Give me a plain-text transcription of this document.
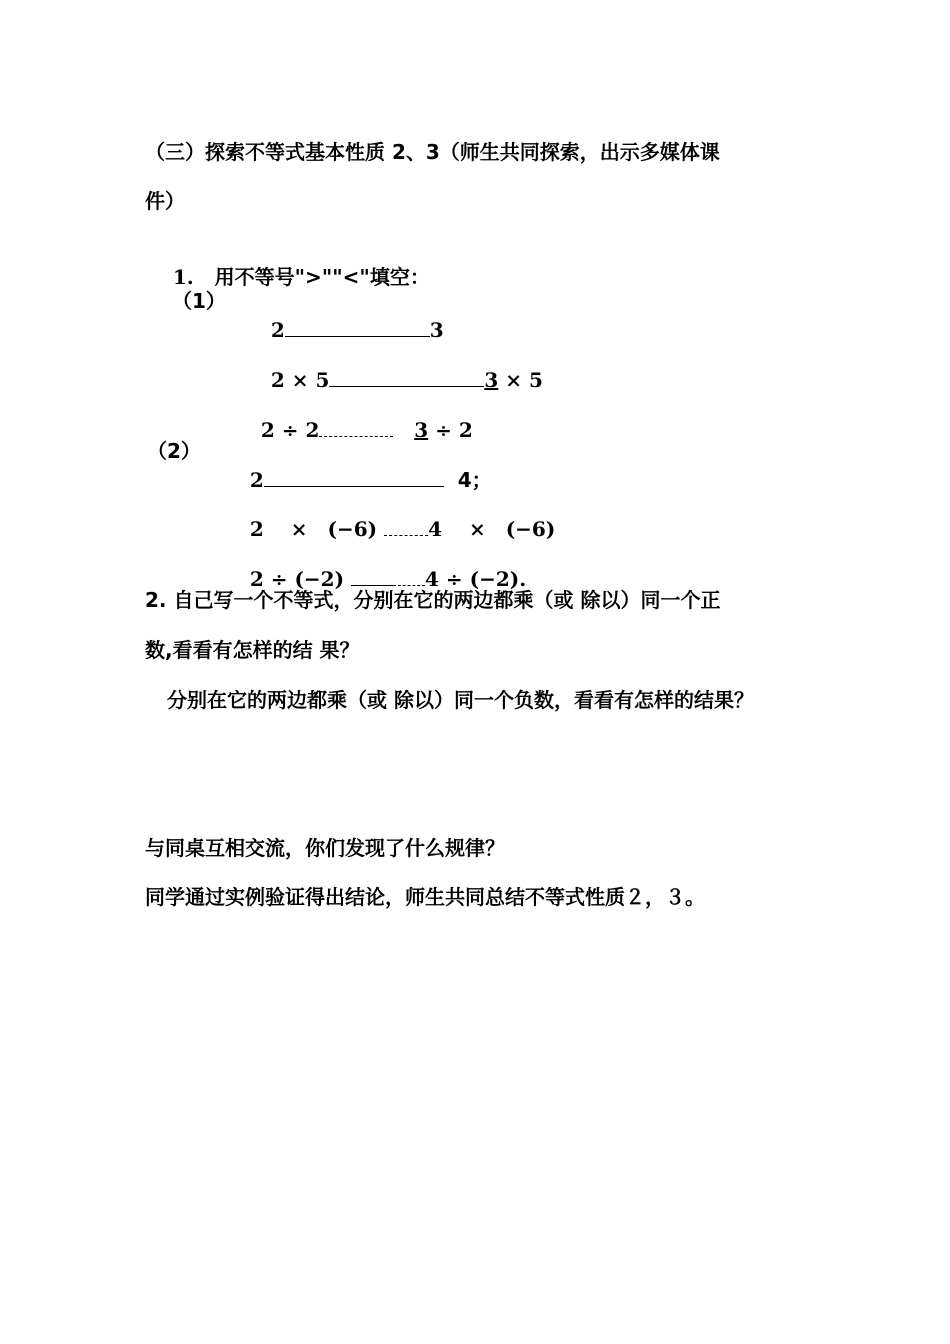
（三）探索不等式基本性质 2、3（师生共同探索，出示多媒体课
件）

1. 用不等号">""<"填空：

（1）

2	3

2 × 5	3 × 5

2 ÷ 2	3 ÷ 2

（2）

2	4；

2　 ×　(−6)	4　 ×　(−6)

2 ÷ (−2)	4 ÷ (−2).

2. 自己写一个不等式，分别在它的两边都乘（或 除以）同一个正
数,看看有怎样的结 果？
分别在它的两边都乘（或 除以）同一个负数，看看有怎样的结果？
与同桌互相交流，你们发现了什么规律？
同学通过实例验证得出结论，师生共同总结不等式性质２，３。
